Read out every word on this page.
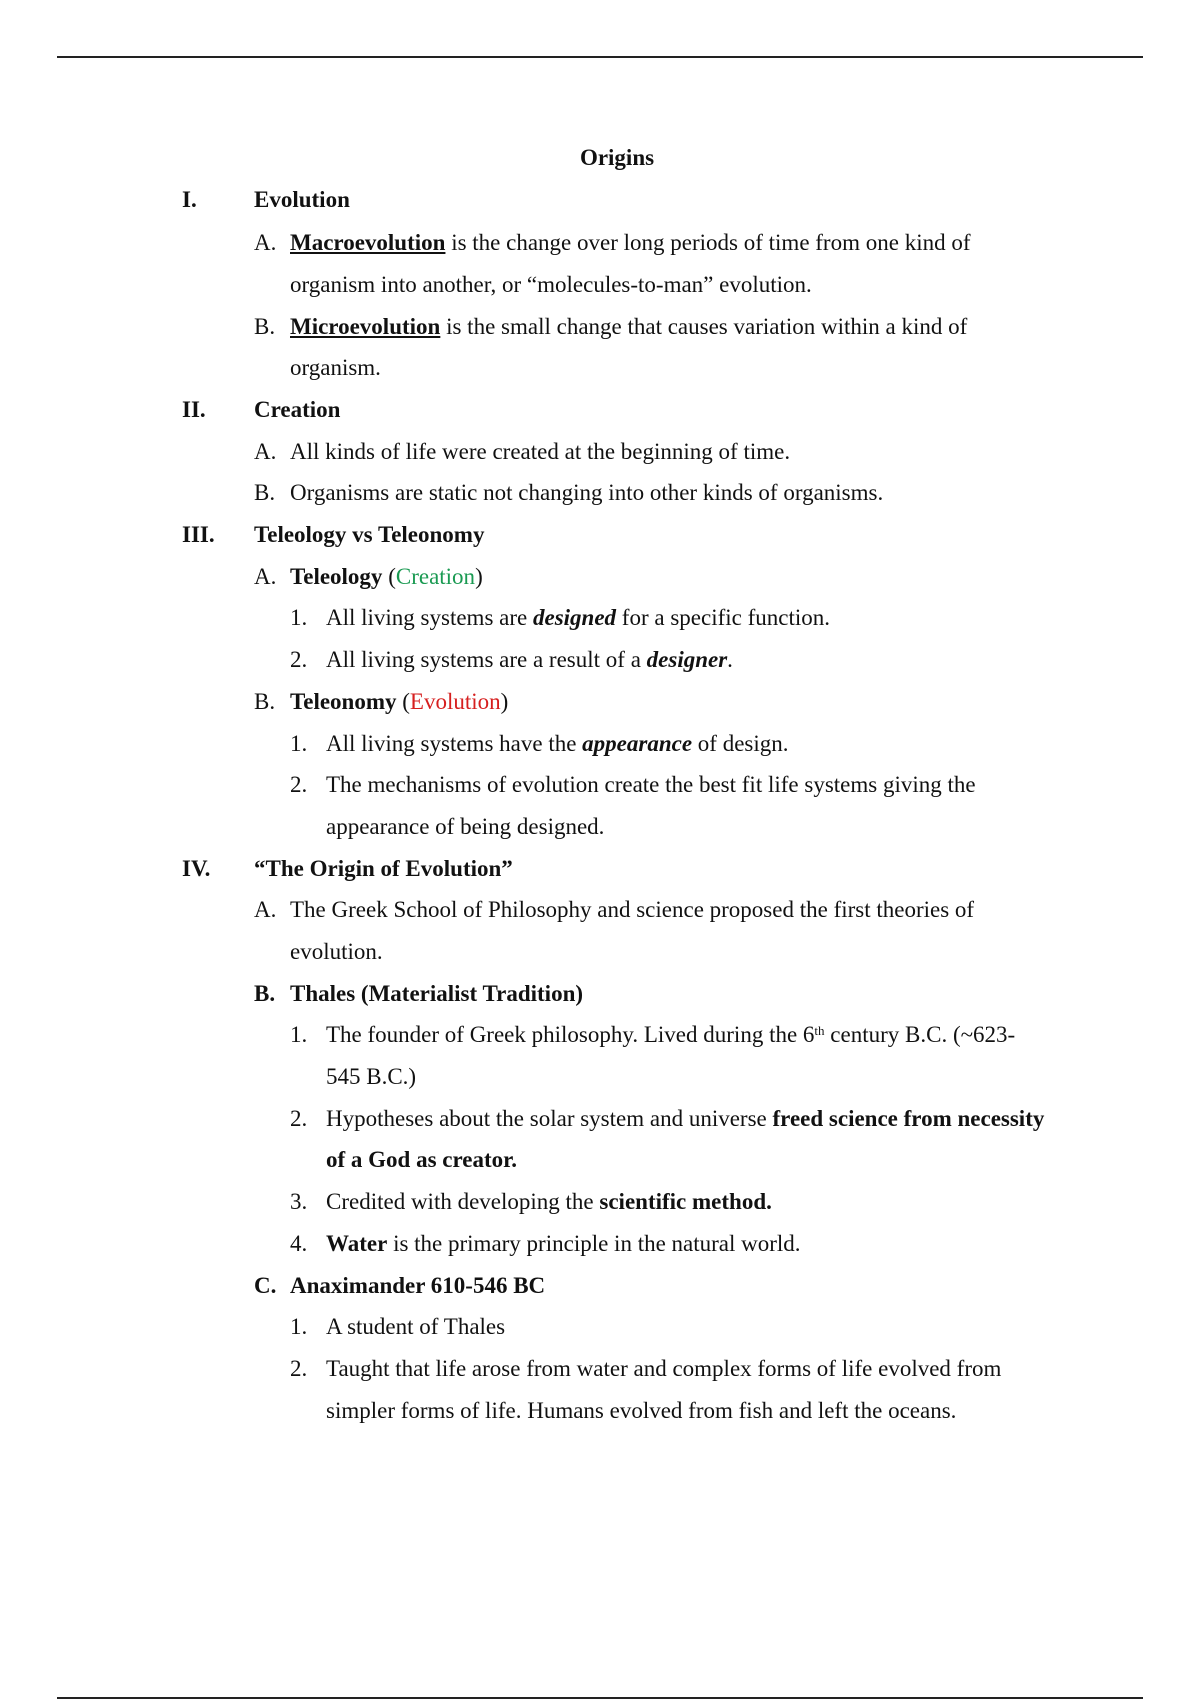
Origins
I. Evolution
A. Macroevolution is the change over long periods of time from one kind of
organism into another, or “molecules-to-man” evolution.
B. Microevolution is the small change that causes variation within a kind of
organism.
II. Creation
A. All kinds of life were created at the beginning of time.
B. Organisms are static not changing into other kinds of organisms.
III. Teleology vs Teleonomy
A. Teleology (Creation)
1. All living systems are designed for a specific function.
2. All living systems are a result of a designer.
B. Teleonomy (Evolution)
1. All living systems have the appearance of design.
2. The mechanisms of evolution create the best fit life systems giving the
appearance of being designed.
IV. “The Origin of Evolution”
A. The Greek School of Philosophy and science proposed the first theories of
evolution.
B. Thales (Materialist Tradition)
1. The founder of Greek philosophy. Lived during the 6th century B.C. (~623-
545 B.C.)
2. Hypotheses about the solar system and universe freed science from necessity
of a God as creator.
3. Credited with developing the scientific method.
4. Water is the primary principle in the natural world.
C. Anaximander 610-546 BC
1. A student of Thales
2. Taught that life arose from water and complex forms of life evolved from
simpler forms of life. Humans evolved from fish and left the oceans.
